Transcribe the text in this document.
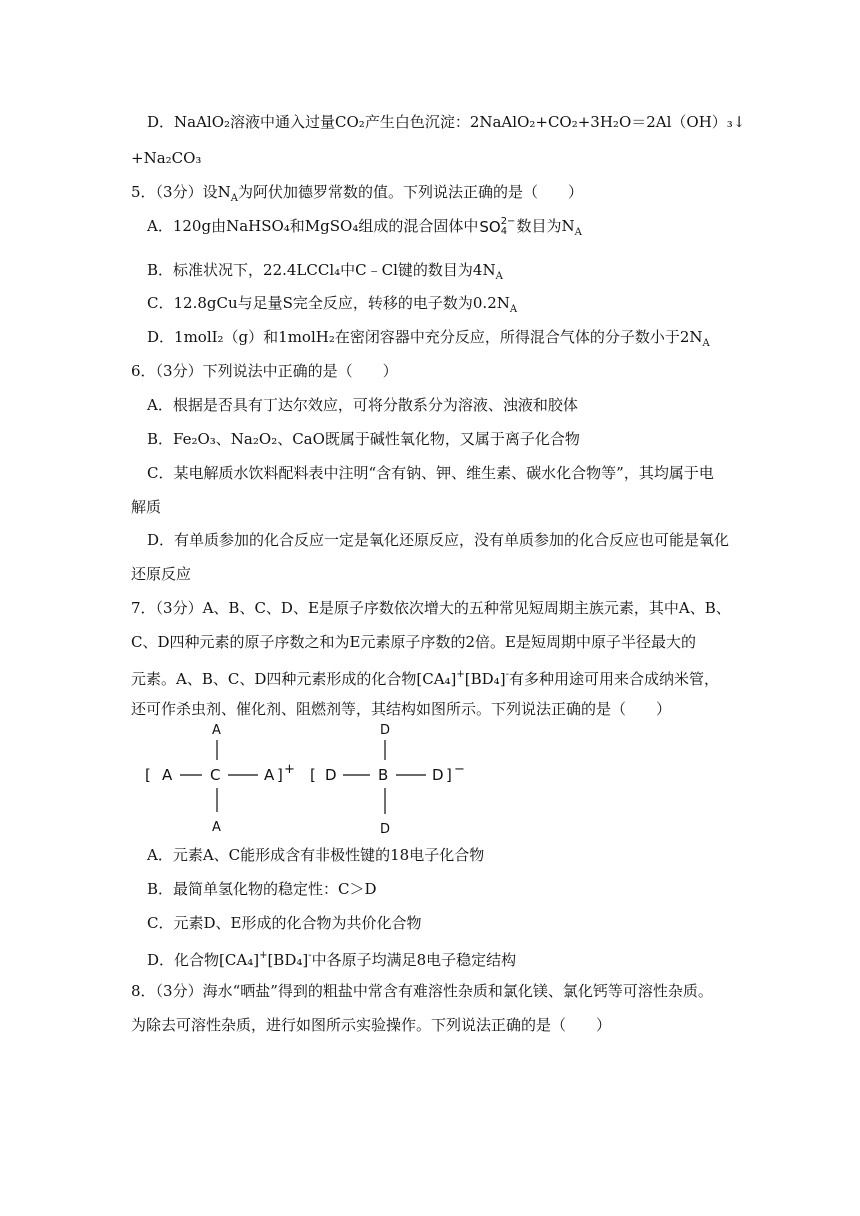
D．NaAlO₂溶液中通入过量CO₂产生白色沉淀：2NaAlO₂+CO₂+3H₂O＝2Al（OH）₃↓
+Na₂CO₃
5．（3分）设$N_A$为阿伏加德罗常数的值。下列说法正确的是（　　）
A．120g由NaHSO₄和MgSO₄组成的混合固体中SO 2−
4 数目为$N_A$
B．标准状况下，22.4LCCl₄中C﹣Cl键的数目为$4N_A$
C．12.8gCu与足量S完全反应，转移的电子数为$0.2N_A$
D．1molI₂（g）和1molH₂在密闭容器中充分反应，所得混合气体的分子数小于$2N_A$
6．（3分）下列说法中正确的是（　　）
A．根据是否具有丁达尔效应，可将分散系分为溶液、浊液和胶体
B．Fe₂O₃、Na₂O₂、CaO既属于碱性氧化物，又属于离子化合物
C．某电解质水饮料配料表中注明“含有钠、钾、维生素、碳水化合物等”，其均属于电
解质
D．有单质参加的化合反应一定是氧化还原反应，没有单质参加的化合反应也可能是氧化
还原反应
7．（3分）A、B、C、D、E是原子序数依次增大的五种常见短周期主族元素，其中A、B、
C、D四种元素的原子序数之和为E元素原子序数的2倍。E是短周期中原子半径最大的
元素。A、B、C、D四种元素形成的化合物[CA₄]+[BD₄]-有多种用途可用来合成纳米管，
还可作杀虫剂、催化剂、阻燃剂等，其结构如图所示。下列说法正确的是（　　）
[ A	C	A ] +
A
A
[ D	B	D ] −
D
D
A．元素A、C能形成含有非极性键的18电子化合物
B．最简单氢化物的稳定性：C＞D
C．元素D、E形成的化合物为共价化合物
D．化合物[CA₄]+[BD₄]-中各原子均满足8电子稳定结构
8．（3分）海水“晒盐”得到的粗盐中常含有难溶性杂质和氯化镁、氯化钙等可溶性杂质。
为除去可溶性杂质，进行如图所示实验操作。下列说法正确的是（　　）
